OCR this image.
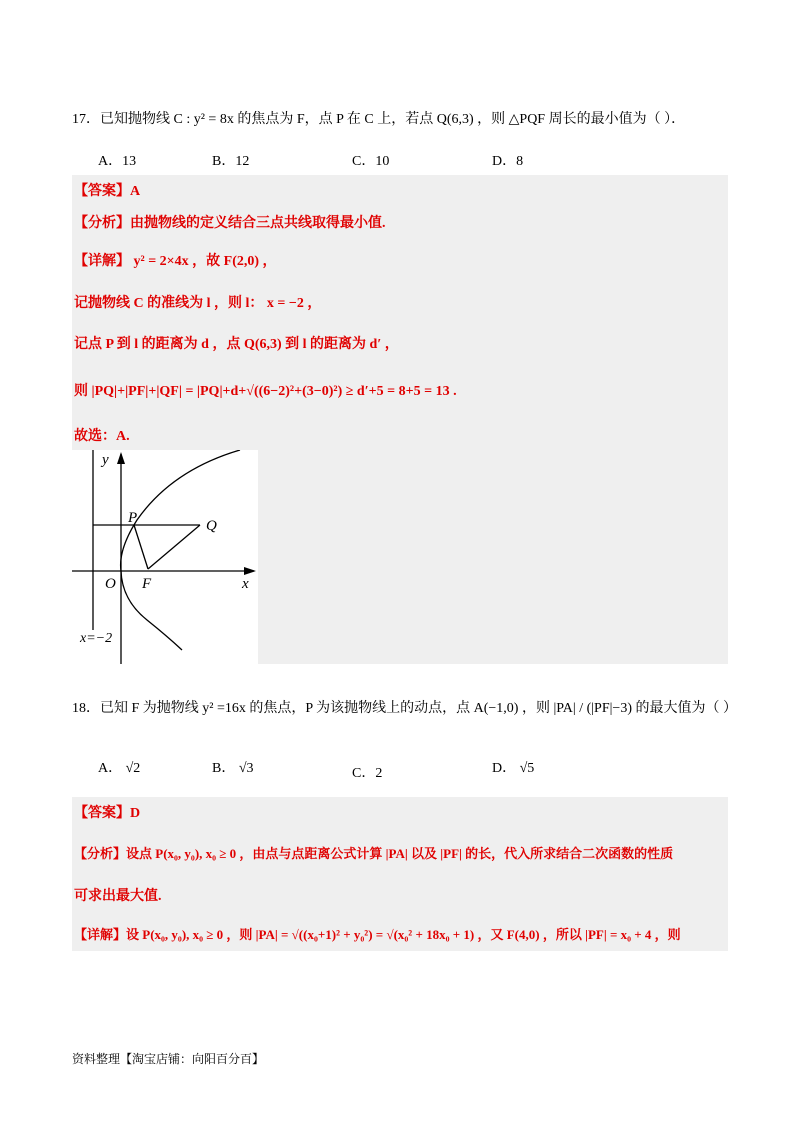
17．已知抛物线 C : y² = 8x 的焦点为 F，点 P 在 C 上，若点 Q(6,3) ，则 △PQF 周长的最小值为（ ）．
A．13	B．12	C．10	D．8
【答案】A
【分析】由抛物线的定义结合三点共线取得最小值.
【详解】 y² = 2×4x ，故 F(2,0) ，
记抛物线 C 的准线为 l ，则 l： x = −2 ，
记点 P 到 l 的距离为 d ，点 Q(6,3) 到 l 的距离为 d′ ，
则 |PQ|+|PF|+|QF| = |PQ|+d+√((6−2)²+(3−0)²) ≥ d′+5 = 8+5 = 13 .
故选：A.
y
x
O F
P	Q
x=−2
18．已知 F 为抛物线 y² =16x 的焦点，P 为该抛物线上的动点，点 A(−1,0) ，则 |PA| / (|PF|−3) 的最大值为（ ）
A． √2	B． √3	C．2	D． √5
【答案】D
【分析】设点 P(x₀, y₀), x₀ ≥ 0 ，由点与点距离公式计算 |PA| 以及 |PF| 的长，代入所求结合二次函数的性质
可求出最大值.
【详解】设 P(x₀, y₀), x₀ ≥ 0 ，则 |PA| = √((x₀+1)² + y₀²) = √(x₀² + 18x₀ + 1) ，又 F(4,0) ，所以 |PF| = x₀ + 4 ，则
资料整理【淘宝店铺：向阳百分百】
